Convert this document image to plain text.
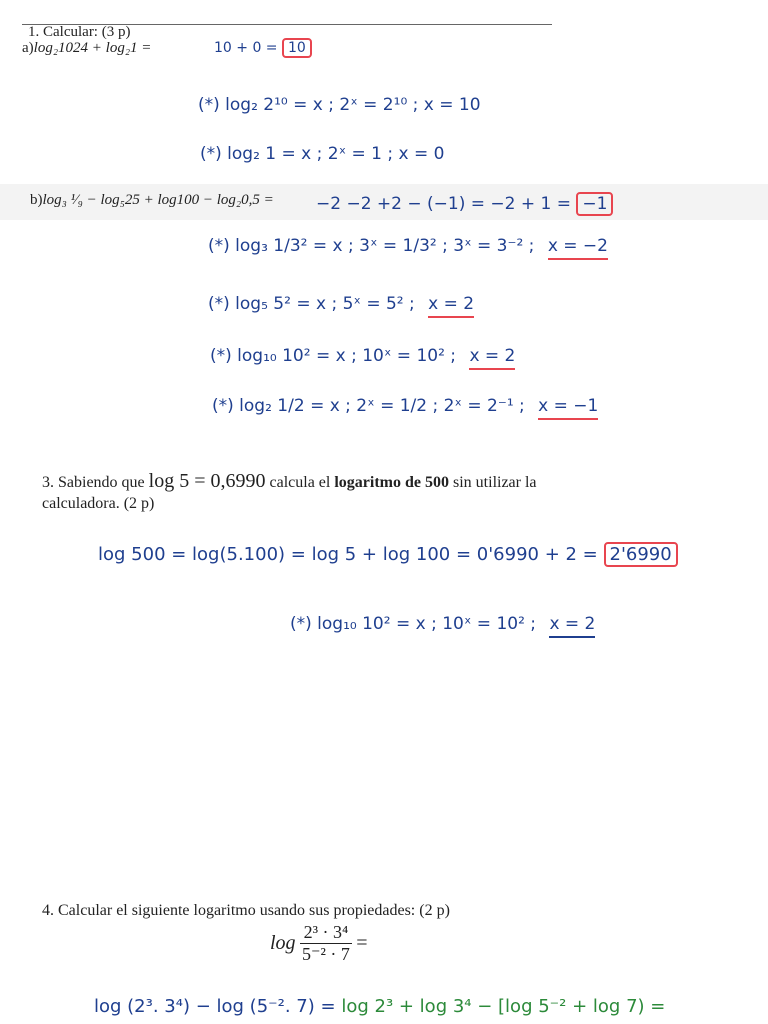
1. Calcular: (3 p)
a)log₂1024 + log₂1 =	10 + 0 = 10
(*) log₂ 2¹⁰ = x ; 2ˣ = 2¹⁰ ; x = 10
(*) log₂ 1 = x ; 2ˣ = 1 ; x = 0
b)log₃ ¹⁄₉ − log₅25 + log100 − log₂0,5 = −2 −2 +2 − (−1) = −2 + 1 = −1
(*) log₃ 1/3² = x ; 3ˣ = 1/3² ; 3ˣ = 3⁻² ; x = −2
(*) log₅ 5² = x ; 5ˣ = 5² ; x = 2
(*) log₁₀ 10² = x ; 10ˣ = 10² ; x = 2
(*) log₂ 1/2 = x ; 2ˣ = 1/2 ; 2ˣ = 2⁻¹ ; x = −1
3. Sabiendo que log 5 = 0,6990 calcula el logaritmo de 500 sin utilizar la
calculadora. (2 p)
log 500 = log(5.100) = log 5 + log 100 = 0'6990 + 2 = 2'6990
(*) log₁₀ 10² = x ; 10ˣ = 10² ; x = 2
4. Calcular el siguiente logaritmo usando sus propiedades: (2 p)
$\log \frac{\text{2³ · 3⁴}}{\text{5⁻² · 7}}$ =
log (2³. 3⁴) − log (5⁻². 7) = log 2³ + log 3⁴ − [log 5⁻² + log 7) =
